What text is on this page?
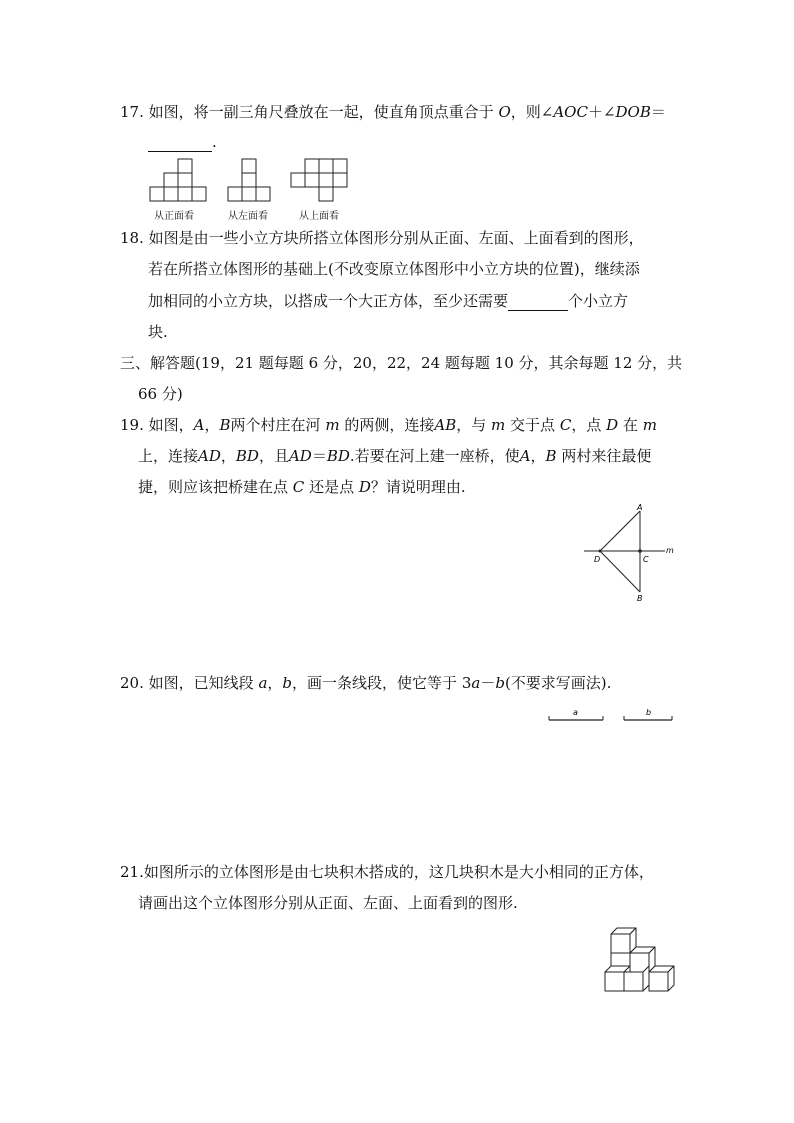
17. 如图，将一副三角尺叠放在一起，使直角顶点重合于 O，则∠AOC＋∠DOB＝
.
从正面看	从左面看	从上面看
18. 如图是由一些小立方块所搭立体图形分别从正面、左面、上面看到的图形，
若在所搭立体图形的基础上(不改变原立体图形中小立方块的位置)，继续添
加相同的小立方块，以搭成一个大正方体，至少还需要	个小立方
块.
三、解答题(19，21 题每题 6 分，20，22，24 题每题 10 分，其余每题 12 分，共
66 分)
19. 如图，A，B两个村庄在河 m 的两侧，连接AB，与 m 交于点 C，点 D 在 m
上，连接AD，BD，且AD＝BD.若要在河上建一座桥，使A，B 两村来往最便
捷，则应该把桥建在点 C 还是点 D？请说明理由.
A
B
C
D
m
20. 如图，已知线段 a，b，画一条线段，使它等于 3a－b(不要求写画法).
a	b
21.如图所示的立体图形是由七块积木搭成的，这几块积木是大小相同的正方体，
请画出这个立体图形分别从正面、左面、上面看到的图形.
